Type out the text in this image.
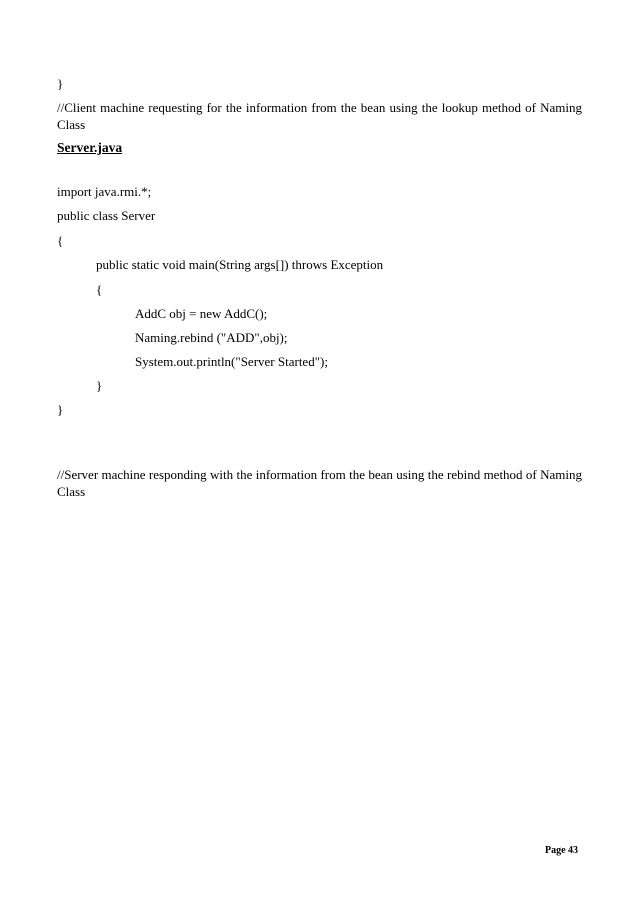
}
//Client machine requesting for the information from the bean using the lookup method of Naming Class
Server.java
import java.rmi.*;
public class Server
{
public static void main(String args[]) throws Exception
{
AddC obj = new AddC();
Naming.rebind ("ADD",obj);
System.out.println("Server Started");
}
}
//Server machine responding with the information from the bean using the rebind method of Naming Class
Page 43
